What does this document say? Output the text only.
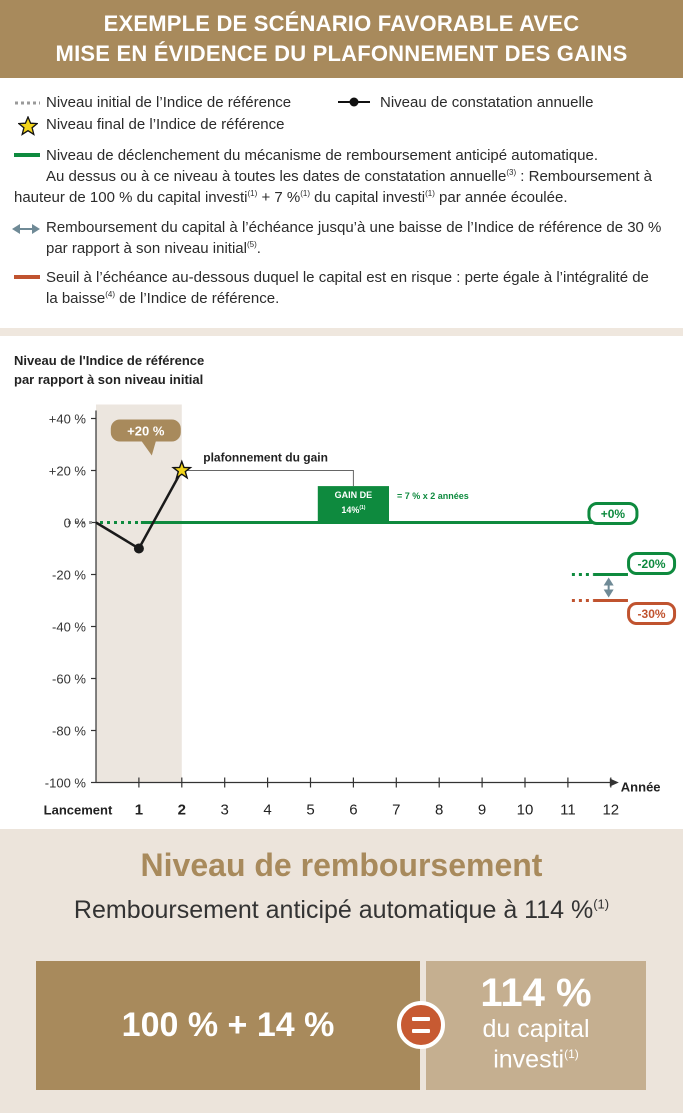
EXEMPLE DE SCÉNARIO FAVORABLE AVEC
MISE EN ÉVIDENCE DU PLAFONNEMENT DES GAINS
Niveau initial de l’Indice de référence	Niveau de constatation annuelle
Niveau final de l’Indice de référence
Niveau de déclenchement du mécanisme de remboursement anticipé automatique.
Au dessus ou à ce niveau à toutes les dates de constatation annuelle$^{(3)}$ : Remboursement à
hauteur de 100 % du capital investi$^{(1)}$ + 7 %$^{(1)}$ du capital investi$^{(1)}$ par année écoulée.
Remboursement du capital à l’échéance jusqu’à une baisse de l’Indice de référence de 30 %
par rapport à son niveau initial$^{(5)}$.
Seuil à l’échéance au-dessous duquel le capital est en risque : perte égale à l’intégralité de
la baisse$^{(4)}$ de l’Indice de référence.
Niveau de l'Indice de référence
par rapport à son niveau initial
+0%
-20%
-30%
GAIN DE
14%$^{(1)}$
= 7 % x 2 années
plafonnement du gain
+20 %
+40 %
+20 %
0 %
-20 %
-40 %
-60 %
-80 %
-100 %	Année
Lancement 1 2 3 4 5 6 7 8 9 10 11 12
Niveau de remboursement
Remboursement anticipé automatique à 114 %$^{(1)}$
100 % + 14 %
114 %
du capital
investi$^{(1)}$
